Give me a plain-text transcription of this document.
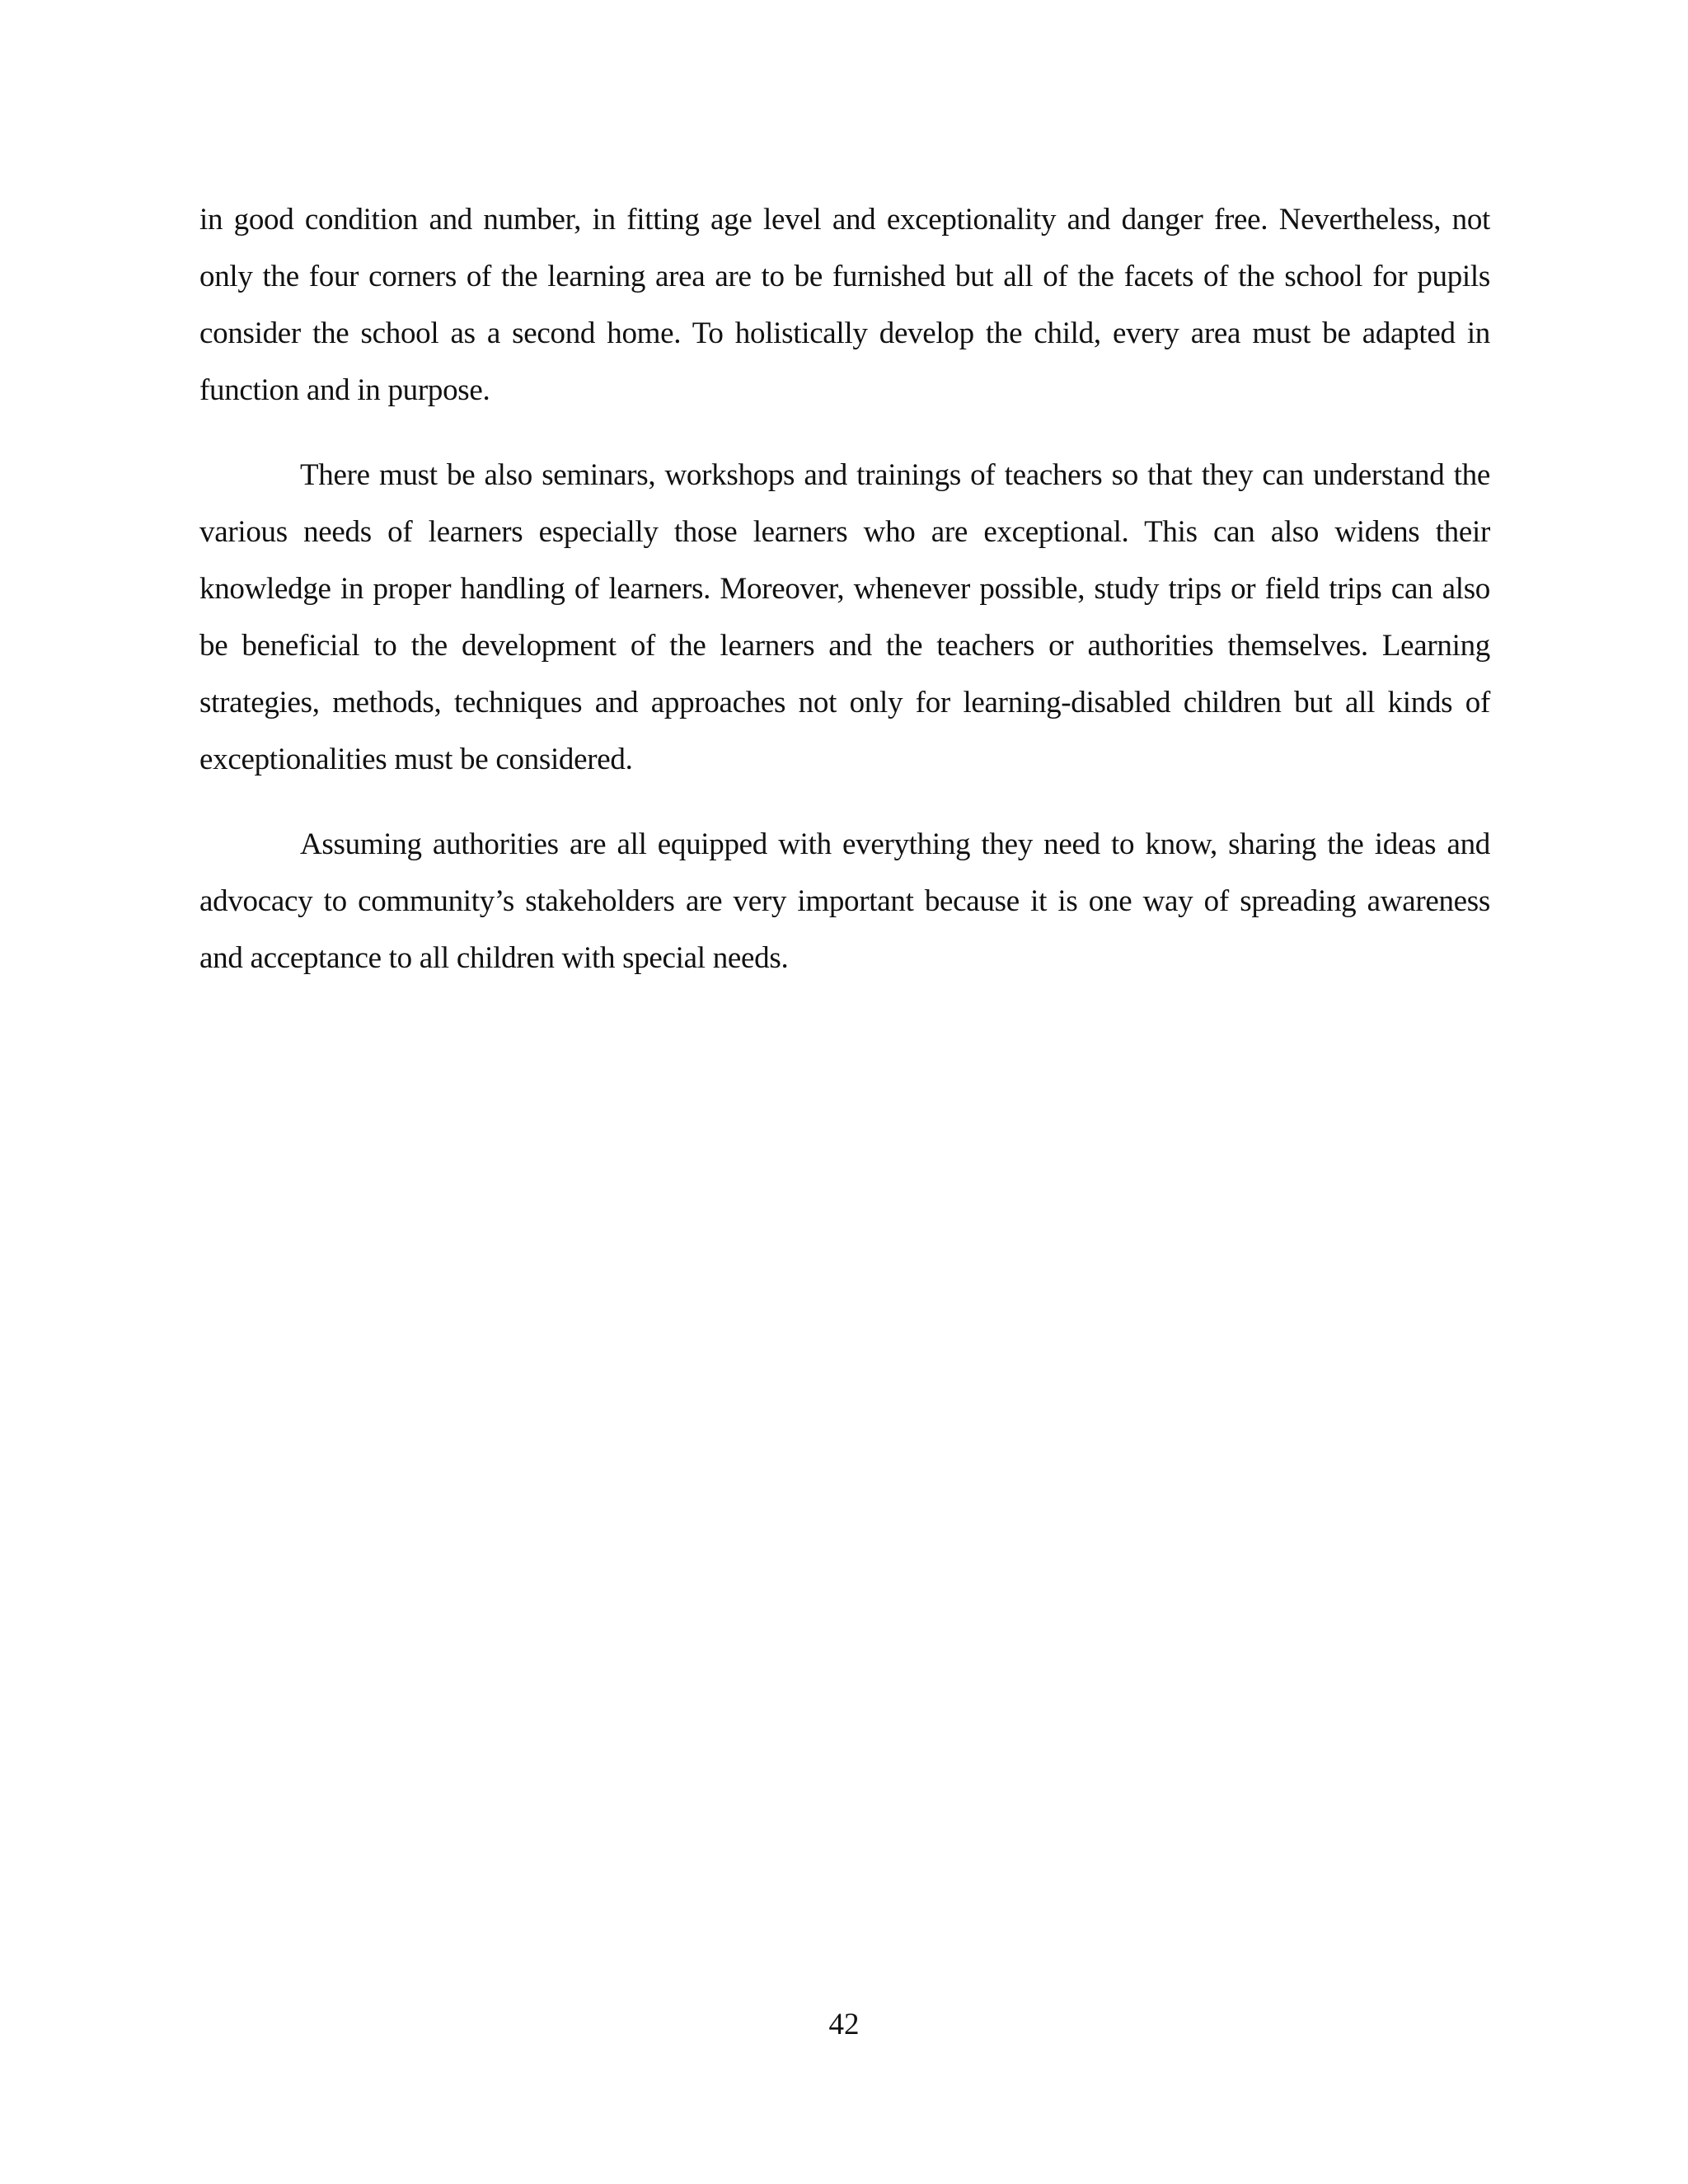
in good condition and number, in fitting age level and exceptionality and danger free. Nevertheless, not only the four corners of the learning area are to be furnished but all of the facets of the school for pupils consider the school as a second home. To holistically develop the child, every area must be adapted in function and in purpose.

There must be also seminars, workshops and trainings of teachers so that they can understand the various needs of learners especially those learners who are exceptional. This can also widens their knowledge in proper handling of learners. Moreover, whenever possible, study trips or field trips can also be beneficial to the development of the learners and the teachers or authorities themselves. Learning strategies, methods, techniques and approaches not only for learning-disabled children but all kinds of exceptionalities must be considered.

Assuming authorities are all equipped with everything they need to know, sharing the ideas and advocacy to community’s stakeholders are very important because it is one way of spreading awareness and acceptance to all children with special needs.

42
